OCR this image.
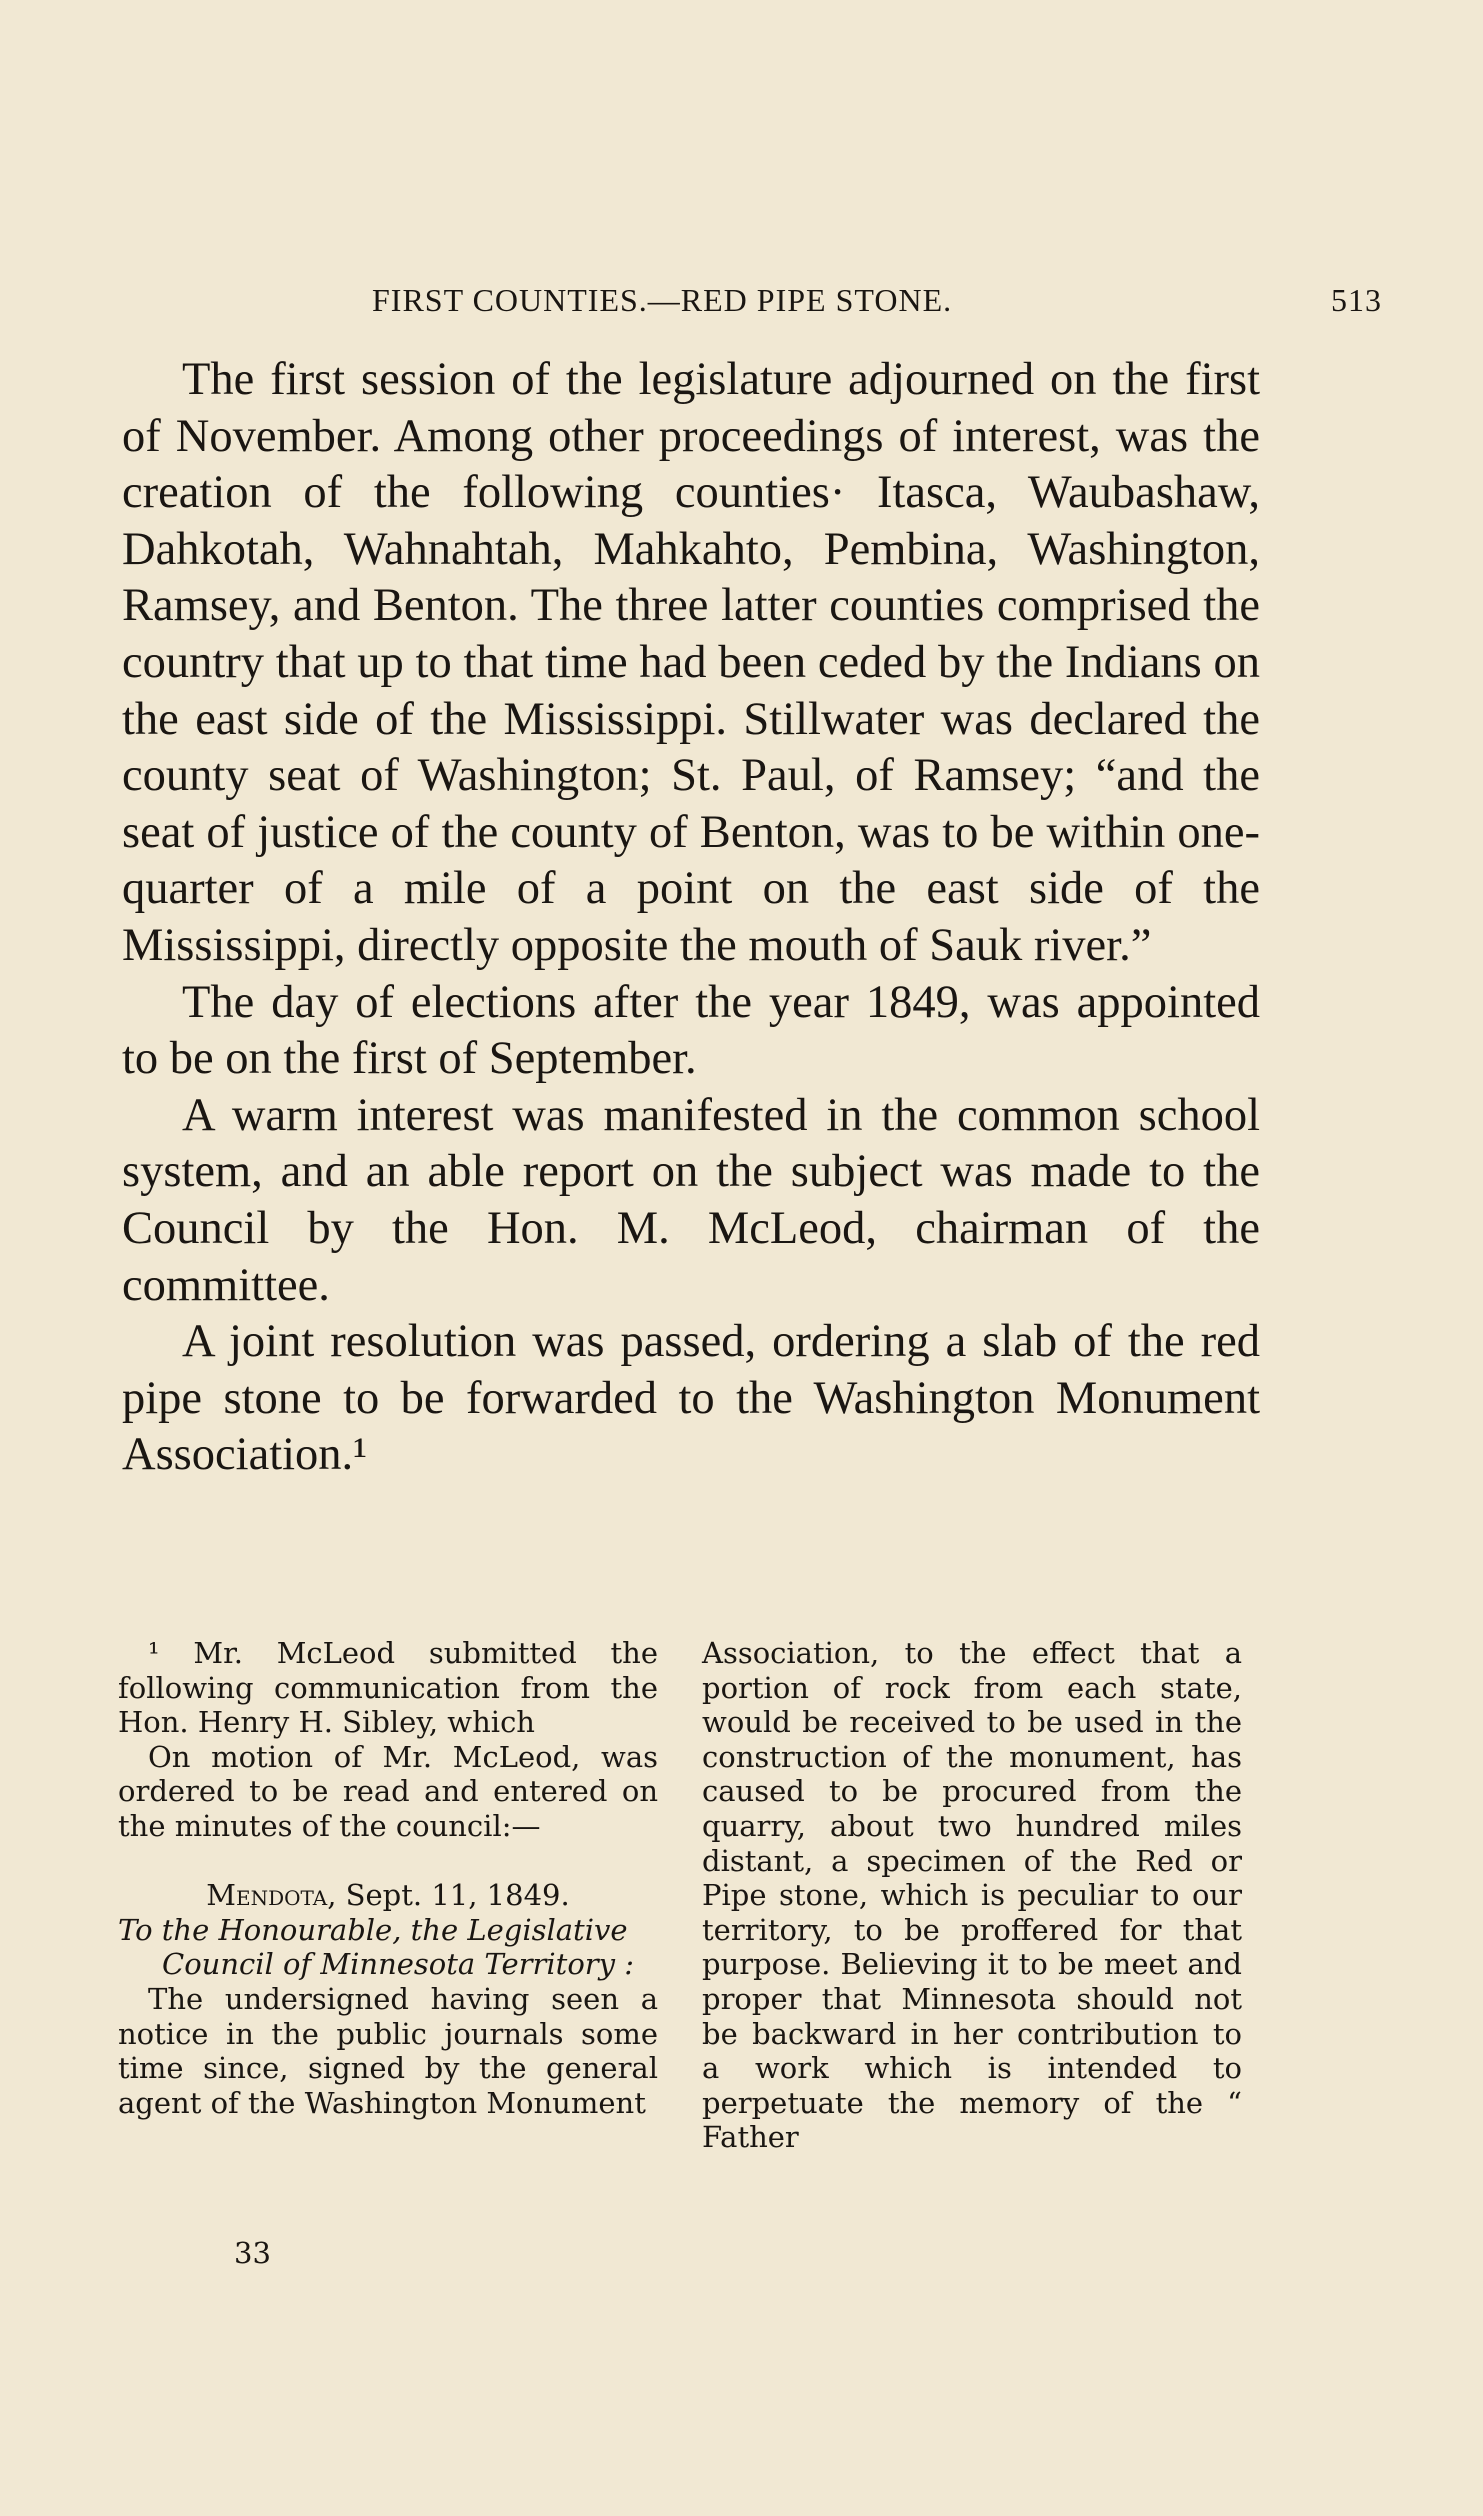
FIRST COUNTIES.—RED PIPE STONE.	513

The first session of the legislature adjourned on the first of November. Among other proceedings of interest, was the creation of the following counties· Itasca, Waubashaw, Dahkotah, Wahnahtah, Mahkahto, Pembina, Washington, Ramsey, and Benton. The three latter counties comprised the country that up to that time had been ceded by the Indians on the east side of the Mississippi. Stillwater was declared the county seat of Washington; St. Paul, of Ramsey; “and the seat of justice of the county of Benton, was to be within one-quarter of a mile of a point on the east side of the Mississippi, directly opposite the mouth of Sauk river.”

The day of elections after the year 1849, was appointed to be on the first of September.

A warm interest was manifested in the common school system, and an able report on the subject was made to the Council by the Hon. M. McLeod, chairman of the committee.

A joint resolution was passed, ordering a slab of the red pipe stone to be forwarded to the Washington Monument Association.¹

¹ Mr. McLeod submitted the following communication from the Hon. Henry H. Sibley, which

On motion of Mr. McLeod, was ordered to be read and entered on the minutes of the council:—

Mendota, Sept. 11, 1849.

To the Honourable, the Legislative

Council of Minnesota Territory :

The undersigned having seen a notice in the public journals some time since, signed by the general agent of the Washington Monument

Association, to the effect that a portion of rock from each state, would be received to be used in the construction of the monument, has caused to be procured from the quarry, about two hundred miles distant, a specimen of the Red or Pipe stone, which is peculiar to our territory, to be proffered for that purpose. Believing it to be meet and proper that Minnesota should not be backward in her contribution to a work which is intended to perpetuate the memory of the “ Father

33
